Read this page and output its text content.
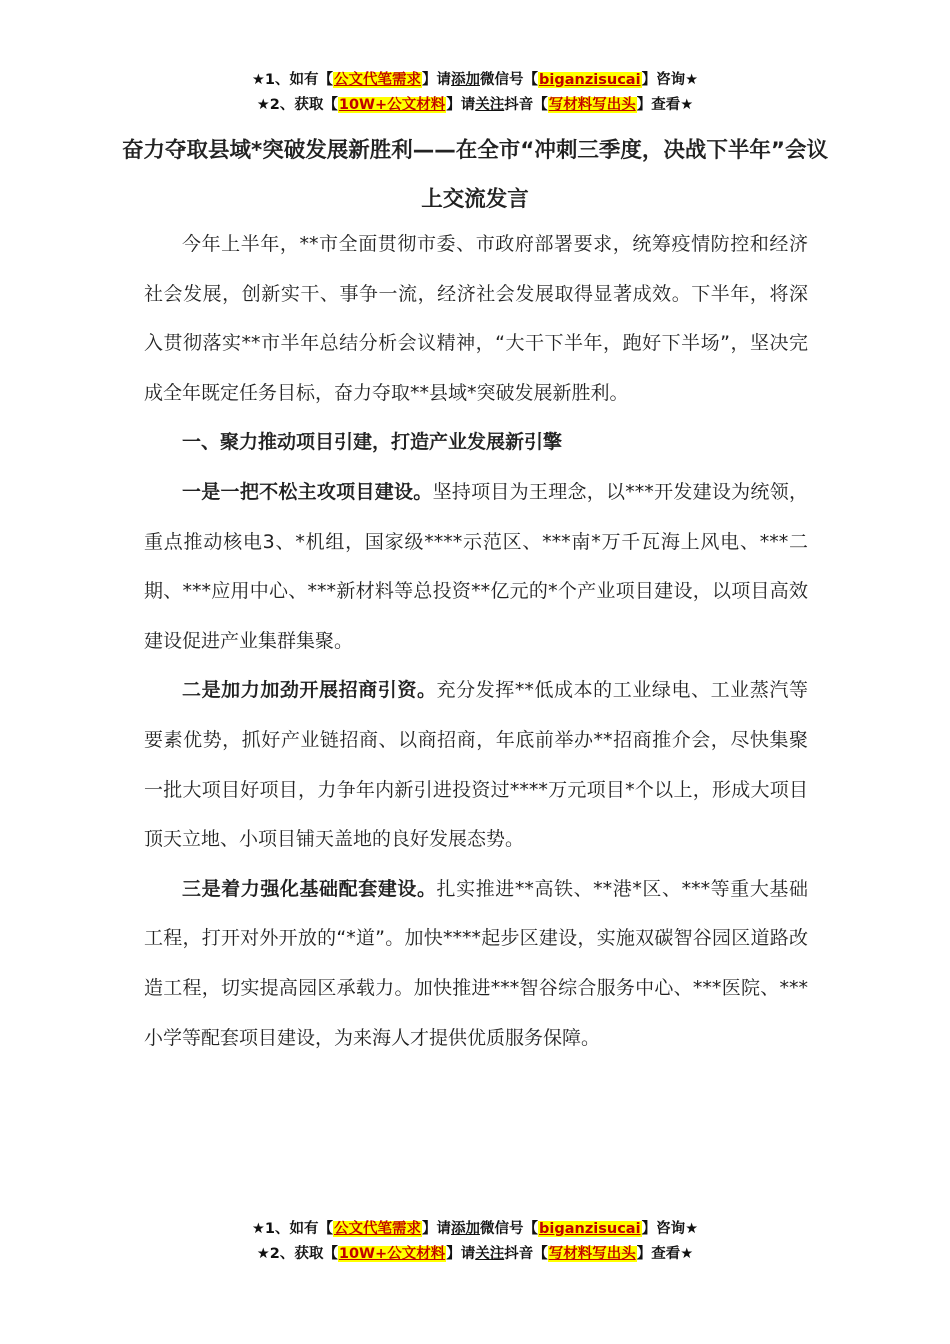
★1、如有【公文代笔需求】请添加微信号【biganzisucai】咨询★
★2、获取【10W+公文材料】请关注抖音【写材料写出头】查看★
奋力夺取县域*突破发展新胜利——在全市“冲刺三季度，决战下半年”会议上交流发言

今年上半年，**市全面贯彻市委、市政府部署要求，统筹疫情防控和经济社会发展，创新实干、事争一流，经济社会发展取得显著成效。下半年，将深入贯彻落实**市半年总结分析会议精神，“大干下半年，跑好下半场”，坚决完成全年既定任务目标，奋力夺取**县域*突破发展新胜利。

一、聚力推动项目引建，打造产业发展新引擎

一是一把不松主攻项目建设。坚持项目为王理念，以***开发建设为统领，重点推动核电3、*机组，国家级****示范区、***南*万千瓦海上风电、***二期、***应用中心、***新材料等总投资**亿元的*个产业项目建设，以项目高效建设促进产业集群集聚。

二是加力加劲开展招商引资。充分发挥**低成本的工业绿电、工业蒸汽等要素优势，抓好产业链招商、以商招商，年底前举办**招商推介会，尽快集聚一批大项目好项目，力争年内新引进投资过****万元项目*个以上，形成大项目顶天立地、小项目铺天盖地的良好发展态势。

三是着力强化基础配套建设。扎实推进**高铁、**港*区、***等重大基础工程，打开对外开放的“*道”。加快****起步区建设，实施双碳智谷园区道路改造工程，切实提高园区承载力。加快推进***智谷综合服务中心、***医院、***小学等配套项目建设，为来海人才提供优质服务保障。

★1、如有【公文代笔需求】请添加微信号【biganzisucai】咨询★
★2、获取【10W+公文材料】请关注抖音【写材料写出头】查看★
